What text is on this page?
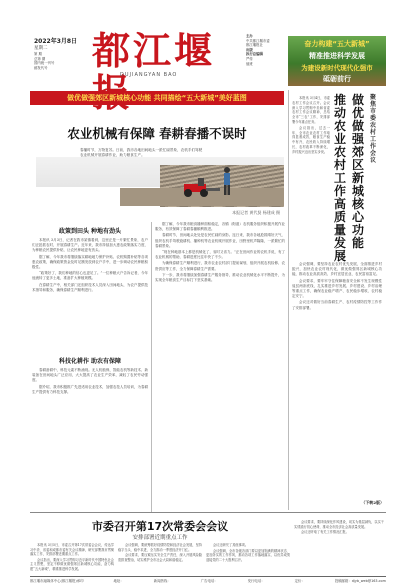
2022年3月8日
星期二
第 期
总第 期
国内统一刊号
邮发代号	都江堰
DUJIANGYAN BAO
主办
中共都江堰市委
都江堰报社
出版
执行总编辑
严传
值班
奋力构建“五大新城”
精准推进科学发展
为建设新时代现代化强市
砥砺前行
做优做强郊区新城核心功能 共同描绘“五大新城”美好蓝图
农业机械有保障 春耕春播不误时
春播时节，万物复苏。日前，我市各地田间地头一派忙碌景象，农机手们驾驶农业机械开展春耕作业，助力粮食生产。
本报记者 黄代贤 杨建成 摄
政策到田头 种地有劲头

本报讯 3月3日，记者在我市某镇看到，这里正是一片繁忙景象，农户们正抢抓农时，开展春耕生产。近年来，我市持续加大惠农政策落实力度，为种粮农民提供补贴，让农民种地更有劲头。

据了解，今年我市将继续落实耕地地力保护补贴、农机购置补贴等各项惠农政策，确保政策资金及时足额发放到农户手中，进一步调动农民种粮积极性。

“政策好了，我们种地的信心也更足了。”一位种粮大户告诉记者，今年他流转了更多土地，准备扩大种植规模。

在春耕生产中，相关部门还组织技术人员深入田间地头，为农户提供技术指导和服务，确保春耕生产顺利进行。

科技化耕作 助农有保障

春耕备耕中，科技元素不断涌现。无人机植保、智能农机等新技术、新装备在田间地头广泛应用，大大提高了农业生产效率，减轻了农民劳动强度。

据介绍，我市积极推广先进适用农业技术，加强农技人员培训，为春耕生产提供有力科技支撑。

据了解，今年我市粮食播种面积稳定，各镇（街道）农机服务组织积极开展作业服务，有效保障了春耕春播顺利推进。

春耕时节，田间地头处处是农民忙碌的身影。连日来，我市各地抢抓晴好天气，组织农机手驾驶旋耕机、播种机等农业机械开展作业，田野里机声隆隆，一派繁忙的春耕景象。

“现在种地基本上都是机械化了，省时又省力。”正在田间作业的农机手说，有了农业机械的帮助，春耕进度比往年快了不少。

为确保春耕生产顺利进行，我市农业农村部门提前谋划，组织开展农机检修、农资供应等工作，全力保障春耕生产需要。

下一步，我市将继续加强春耕生产服务指导，推动农业机械化水平不断提升，为实现全年粮食生产目标打下坚实基础。

聚焦市委农村工作会议
做优做强郊区新城核心功能
推动农业农村工作高质量发展

本报讯 3月4日，市委农村工作会议召开。会议深入学习贯彻中央和省委农村工作会议精神，总结全市“三农”工作，安排部署今年重点任务。

会议指出，过去一年，全市农业农村工作取得显著成效，粮食生产稳中有升，农民收入持续增长，农村改革不断深化，乡村振兴迈出坚实步伐。

会议强调，要坚持农业农村优先发展，全面推进乡村振兴，加快农业农村现代化，做优做强郊区新城核心功能，推动农业高质高效、乡村宜居宜业、农民富裕富足。

会议要求，要牢牢守住保障粮食安全和不发生规模性返贫两条底线，扎实推进乡村发展、乡村建设、乡村治理等重点工作，确保农业稳产增产、农民稳步增收、农村稳定安宁。

会议还对做好当前春耕生产、农村疫情防控等工作作了安排部署。

（下转2版）
市委召开第17次常委会会议
安排部署近期重点工作

本报讯 3月5日，市委召开第17次常委会会议，传达学习中央、省委和成都市委有关会议精神，研究部署我市贯彻落实工作，安排部署近期重点工作。

会议指出，要深入学习贯彻习近平新时代中国特色社会主义思想，坚定不移做优做强郊区新城核心功能，奋力构建“五大新城”，精准推进科学发展。

会议强调，要统筹抓好疫情防控和经济社会发展，坚持稳字当头、稳中求进，全力推动一季度经济开门红。

会议要求，要压紧压实安全生产责任，深入开展风险隐患排查整治，切实维护全市社会大局和谐稳定。

会议还研究了其他事项。

会议强调，全市各级各部门要以更加饱满的精神状态、更加务实的工作作风，推动各项工作落地落实，以优异成绩迎接党的二十大胜利召开。

会议要求，要持续深化作风建设，切实为基层减负，以实干实绩践行初心使命，推动全市经济社会高质量发展。

会议还听取了有关工作情况汇报。

都江堰市融媒体中心(都江堰报)承印	地址：	新闻热线：	广告电话：	发行电话：	定价：	投稿邮箱：djyb_web@163.com
